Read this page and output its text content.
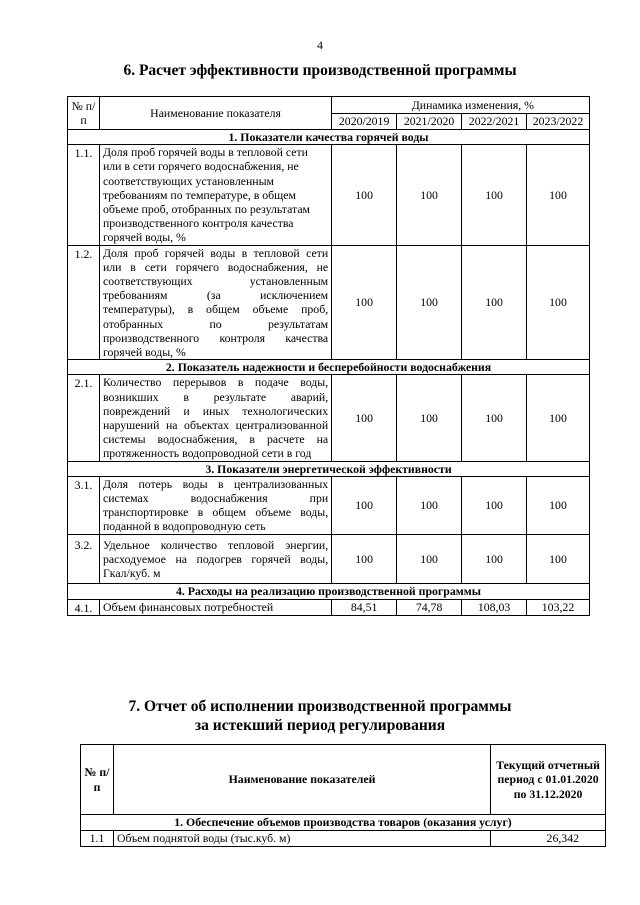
4
6. Расчет эффективности производственной программы
№ п/п	Наименование показателя	Динамика изменения, %			
		2020/2019	2021/2020	2022/2021	2023/2022
1. Показатели качества горячей воды					
1.1.	Доля проб горячей воды в тепловой сети или в сети горячего водоснабжения, не соответствующих установленным требованиям по температуре, в общем объеме проб, отобранных по результатам производственного контроля качества горячей воды, %	100	100	100	100
1.2.	Доля проб горячей воды в тепловой сети или в сети горячего водоснабжения, не соответствующих установленным требованиям (за исключением температуры), в общем объеме проб, отобранных по результатам производственного контроля качества горячей воды, %	100	100	100	100
2. Показатель надежности и бесперебойности водоснабжения					
2.1.	Количество перерывов в подаче воды, возникших в результате аварий, повреждений и иных технологических нарушений на объектах централизованной системы водоснабжения, в расчете на протяженность водопроводной сети в год	100	100	100	100
3. Показатели энергетической эффективности					
3.1.	Доля потерь воды в централизованных системах водоснабжения при транспортировке в общем объеме воды, поданной в водопроводную сеть	100	100	100	100
3.2.	Удельное количество тепловой энергии, расходуемое на подогрев горячей воды, Гкал/куб. м	100	100	100	100
4. Расходы на реализацию производственной программы					
4.1.	Объем финансовых потребностей	84,51	74,78	108,03	103,22
7. Отчет об исполнении производственной программы
за истекший период регулирования
№ п/п	Наименование показателей	Текущий отчетный период с 01.01.2020 по 31.12.2020
1. Обеспечение объемов производства товаров (оказания услуг)		
1.1	Объем поднятой воды (тыс.куб. м)	26,342
